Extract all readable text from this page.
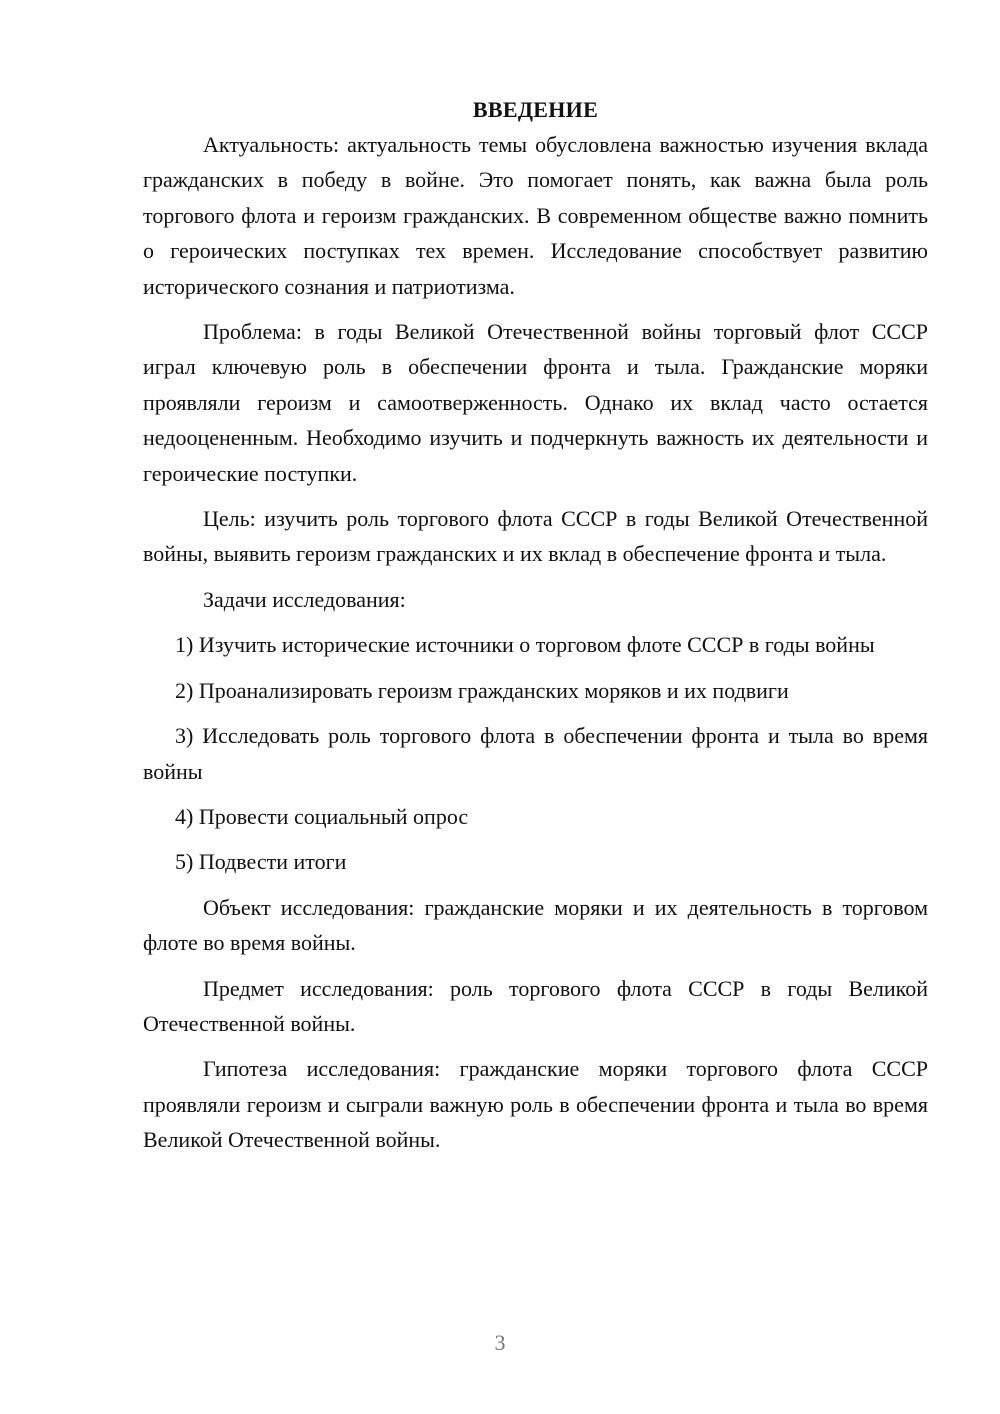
ВВЕДЕНИЕ

Актуальность: актуальность темы обусловлена важностью изучения вклада гражданских в победу в войне. Это помогает понять, как важна была роль торгового флота и героизм гражданских. В современном обществе важно помнить о героических поступках тех времен. Исследование способствует развитию исторического сознания и патриотизма.

Проблема: в годы Великой Отечественной войны торговый флот СССР играл ключевую роль в обеспечении фронта и тыла. Гражданские моряки проявляли героизм и самоотверженность. Однако их вклад часто остается недооцененным. Необходимо изучить и подчеркнуть важность их деятельности и героические поступки.

Цель: изучить роль торгового флота СССР в годы Великой Отечественной войны, выявить героизм гражданских и их вклад в обеспечение фронта и тыла.

Задачи исследования:

1) Изучить исторические источники о торговом флоте СССР в годы войны

2) Проанализировать героизм гражданских моряков и их подвиги

3) Исследовать роль торгового флота в обеспечении фронта и тыла во время войны

4) Провести социальный опрос

5) Подвести итоги

Объект исследования: гражданские моряки и их деятельность в торговом флоте во время войны.

Предмет исследования: роль торгового флота СССР в годы Великой Отечественной войны.

Гипотеза исследования: гражданские моряки торгового флота СССР проявляли героизм и сыграли важную роль в обеспечении фронта и тыла во время Великой Отечественной войны.

3
